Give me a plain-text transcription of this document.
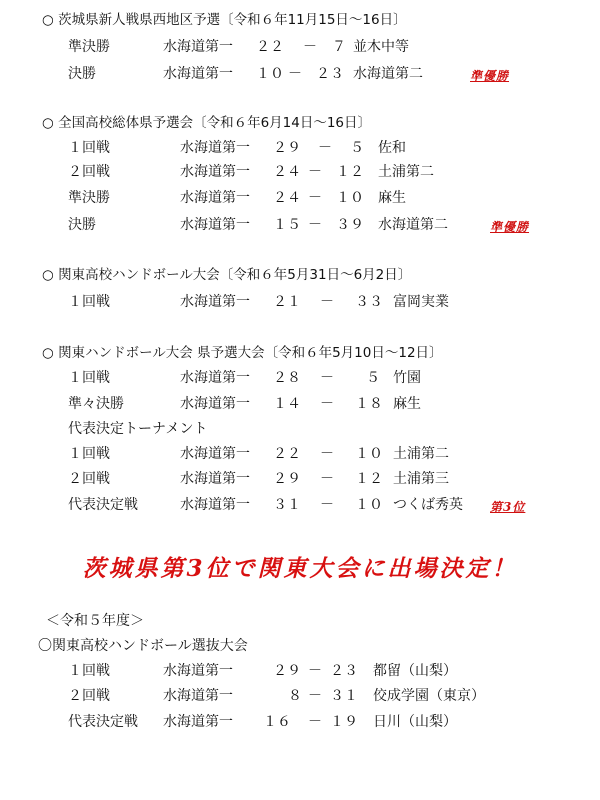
○ 茨城県新人戦県西地区予選〔令和６年11月15日～16日〕
準決勝	水海道第一 ２２ － ７ 並木中等
決勝	水海道第一 １０ － ２３ 水海道第二	準優勝
○ 全国高校総体県予選会〔令和６年6月14日～16日〕
１回戦	水海道第一 ２９ － ５ 佐和
２回戦	水海道第一 ２４ － １２ 土浦第二
準決勝	水海道第一 ２４ － １０ 麻生
決勝	水海道第一 １５ － ３９ 水海道第二	準優勝
○ 関東高校ハンドボール大会〔令和６年5月31日～6月2日〕
１回戦	水海道第一 ２１ － ３３ 富岡実業
○ 関東ハンドボール大会 県予選大会〔令和６年5月10日～12日〕
１回戦	水海道第一 ２８ － ５ 竹園
準々決勝	水海道第一 １４ － １８ 麻生
代表決定トーナメント
１回戦	水海道第一 ２２ － １０ 土浦第二
２回戦	水海道第一 ２９ － １２ 土浦第三
代表決定戦	水海道第一 ３１ － １０ つくば秀英 第3位
茨城県第3位で関東大会に出場決定！
＜令和５年度＞
〇関東高校ハンドボール選抜大会
１回戦	水海道第一	２９ － ２３ 都留（山梨）
２回戦	水海道第一	８ － ３１ 佼成学園（東京）
代表決定戦 水海道第一 １６ － １９ 日川（山梨）
